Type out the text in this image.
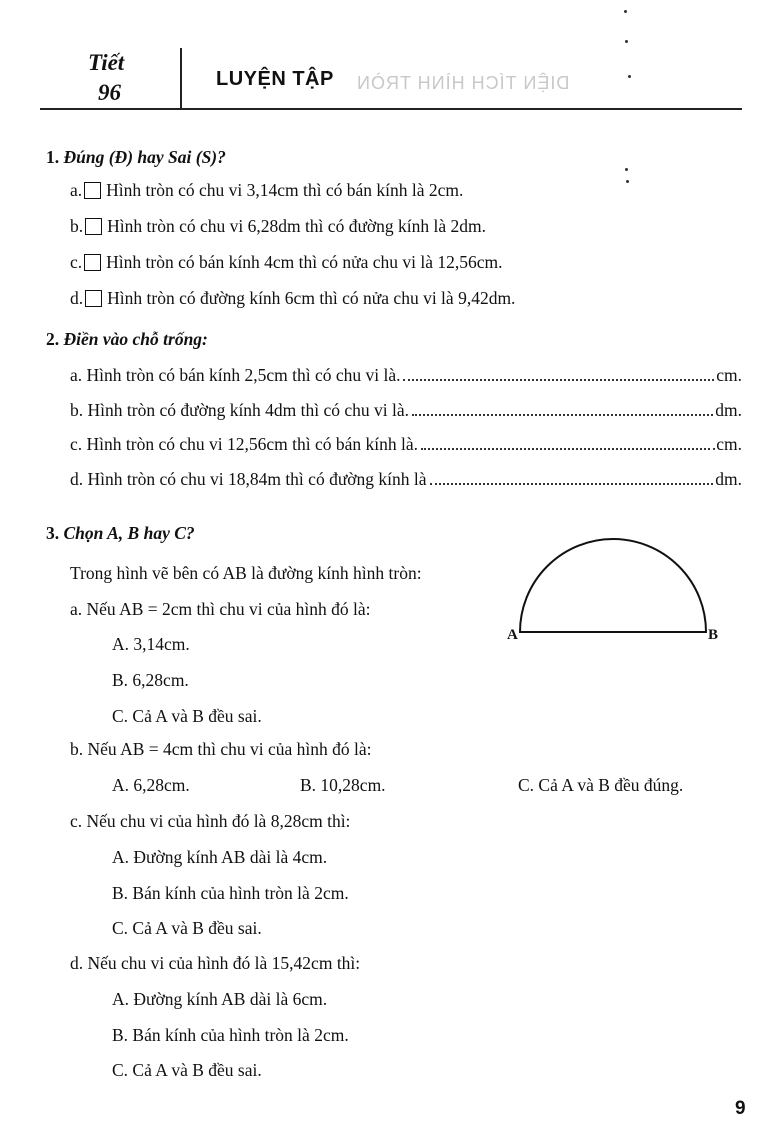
Tiết
96
LUYỆN TẬP DIỆN TÍCH HÌNH TRÒN
1. Đúng (Đ) hay Sai (S)?
a. Hình tròn có chu vi 3,14cm thì có bán kính là 2cm.
b. Hình tròn có chu vi 6,28dm thì có đường kính là 2dm.
c. Hình tròn có bán kính 4cm thì có nửa chu vi là 12,56cm.
d. Hình tròn có đường kính 6cm thì có nửa chu vi là 9,42dm.
2. Điền vào chỗ trống:
a. Hình tròn có bán kính 2,5cm thì có chu vi là.	cm.
b. Hình tròn có đường kính 4dm thì có chu vi là.	dm.
c. Hình tròn có chu vi 12,56cm thì có bán kính là.	.cm.
d. Hình tròn có chu vi 18,84m thì có đường kính là	dm.
3. Chọn A, B hay C?
Trong hình vẽ bên có AB là đường kính hình tròn:
A	B
a. Nếu AB = 2cm thì chu vi của hình đó là:
A. 3,14cm.
B. 6,28cm.
C. Cả A và B đều sai.
b. Nếu AB = 4cm thì chu vi của hình đó là:
A. 6,28cm.	B. 10,28cm.	C. Cả A và B đều đúng.
c. Nếu chu vi của hình đó là 8,28cm thì:
A. Đường kính AB dài là 4cm.
B. Bán kính của hình tròn là 2cm.
C. Cả A và B đều sai.
d. Nếu chu vi của hình đó là 15,42cm thì:
A. Đường kính AB dài là 6cm.
B. Bán kính của hình tròn là 2cm.
C. Cả A và B đều sai.
9
